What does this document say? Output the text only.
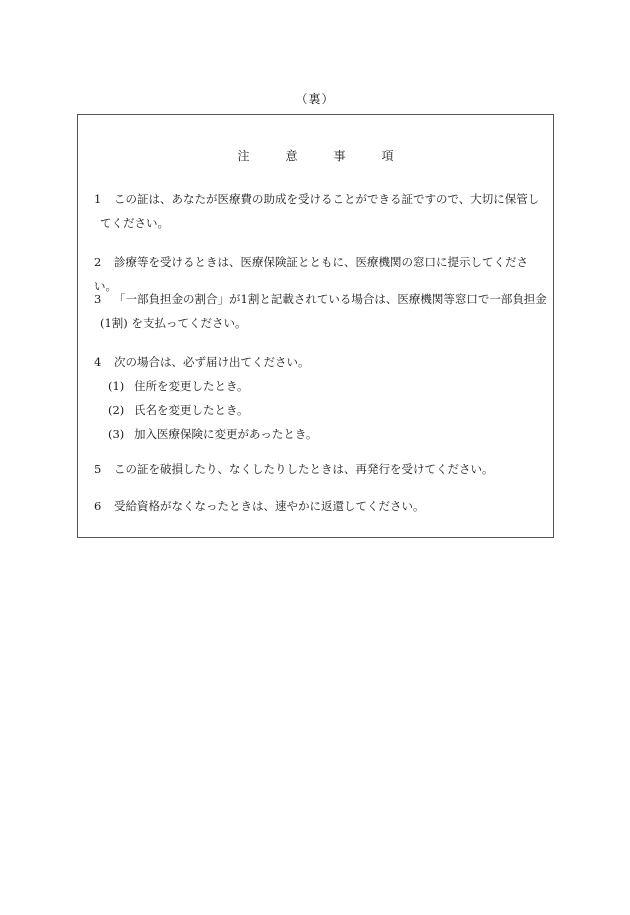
（裏）
注	意	事	項
1 この証は、あなたが医療費の助成を受けることができる証ですので、大切に保管し
てください。
2 診療等を受けるときは、医療保険証とともに、医療機関の窓口に提示してください。
3 「一部負担金の割合」が1割と記載されている場合は、医療機関等窓口で一部負担金
(1割) を支払ってください。
4 次の場合は、必ず届け出てください。
(1) 住所を変更したとき。
(2) 氏名を変更したとき。
(3) 加入医療保険に変更があったとき。
5 この証を破損したり、なくしたりしたときは、再発行を受けてください。
6 受給資格がなくなったときは、速やかに返還してください。
